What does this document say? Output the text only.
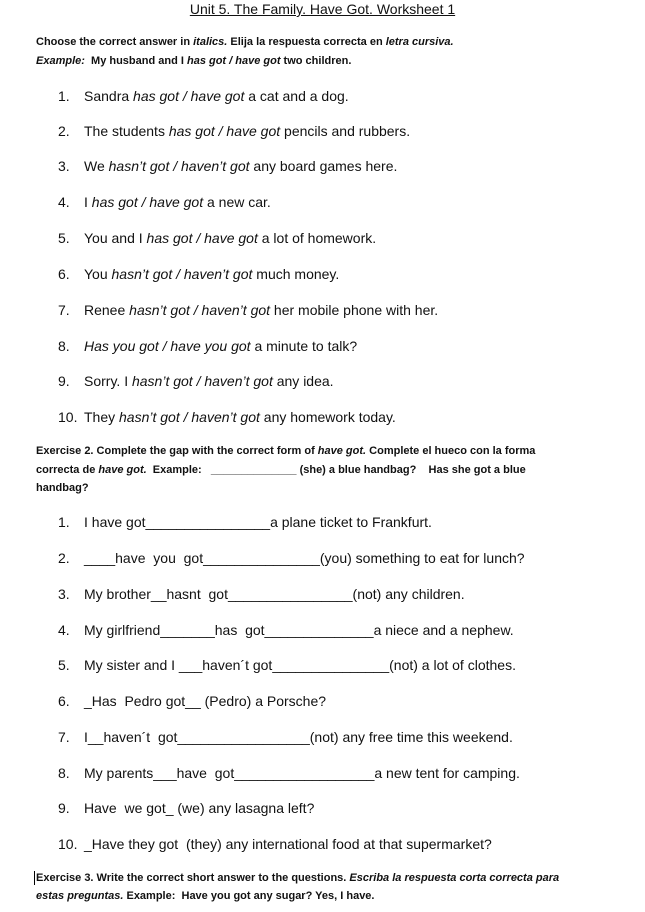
Unit 5. The Family. Have Got. Worksheet 1
Choose the correct answer in italics. Elija la respuesta correcta en letra cursiva.
Example:  My husband and I has got / have got two children.
1. Sandra has got / have got a cat and a dog.
2. The students has got / have got pencils and rubbers.
3. We hasn’t got / haven’t got any board games here.
4. I has got / have got a new car.
5. You and I has got / have got a lot of homework.
6. You hasn’t got / haven’t got much money.
7. Renee hasn’t got / haven’t got her mobile phone with her.
8. Has you got / have you got a minute to talk?
9. Sorry. I hasn’t got / haven’t got any idea.
10. They hasn’t got / haven’t got any homework today.
Exercise 2. Complete the gap with the correct form of have got. Complete el hueco con la forma
correcta de have got.  Example:   ______________ (she) a blue handbag?    Has she got a blue
handbag?
1. I have got________________a plane ticket to Frankfurt.
2. ____have  you  got_______________(you) something to eat for lunch?
3. My brother__hasnt  got________________(not) any children.
4. My girlfriend_______has  got______________a niece and a nephew.
5. My sister and I ___haven´t got_______________(not) a lot of clothes.
6. _Has  Pedro got__ (Pedro) a Porsche?
7. I__haven´t  got_________________(not) any free time this weekend.
8. My parents___have  got__________________a new tent for camping.
9. Have  we got_ (we) any lasagna left?
10. _Have they got  (they) any international food at that supermarket?
Exercise 3. Write the correct short answer to the questions. Escriba la respuesta corta correcta para
estas preguntas. Example:  Have you got any sugar? Yes, I have.
